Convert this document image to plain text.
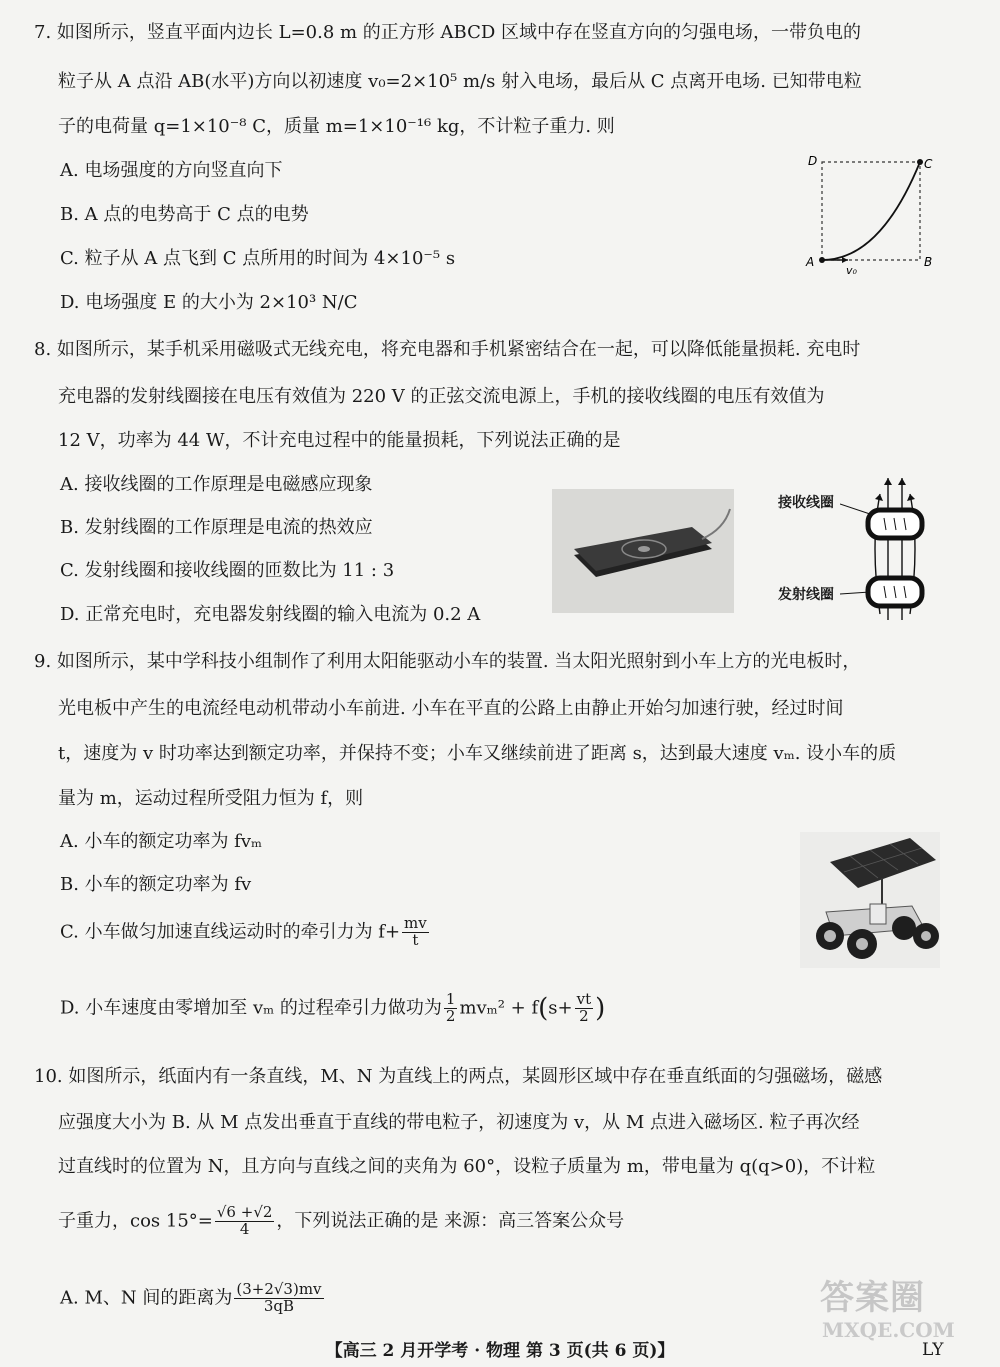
7. 如图所示，竖直平面内边长 L=0.8 m 的正方形 ABCD 区域中存在竖直方向的匀强电场，一带负电的
粒子从 A 点沿 AB(水平)方向以初速度 v₀=2×10⁵ m/s 射入电场，最后从 C 点离开电场. 已知带电粒
子的电荷量 q=1×10⁻⁸ C，质量 m=1×10⁻¹⁶ kg，不计粒子重力. 则
A. 电场强度的方向竖直向下
B. A 点的电势高于 C 点的电势
C. 粒子从 A 点飞到 C 点所用的时间为 4×10⁻⁵ s
D. 电场强度 E 的大小为 2×10³ N/C
D	C
A	B
v₀
8. 如图所示，某手机采用磁吸式无线充电，将充电器和手机紧密结合在一起，可以降低能量损耗. 充电时
充电器的发射线圈接在电压有效值为 220 V 的正弦交流电源上，手机的接收线圈的电压有效值为
12 V，功率为 44 W，不计充电过程中的能量损耗，下列说法正确的是
A. 接收线圈的工作原理是电磁感应现象
B. 发射线圈的工作原理是电流的热效应
C. 发射线圈和接收线圈的匝数比为 11 : 3
D. 正常充电时，充电器发射线圈的输入电流为 0.2 A
接收线圈
发射线圈
9. 如图所示，某中学科技小组制作了利用太阳能驱动小车的装置. 当太阳光照射到小车上方的光电板时，
光电板中产生的电流经电动机带动小车前进. 小车在平直的公路上由静止开始匀加速行驶，经过时间
t，速度为 v 时功率达到额定功率，并保持不变；小车又继续前进了距离 s，达到最大速度 vₘ. 设小车的质
量为 m，运动过程所受阻力恒为 f，则
A. 小车的额定功率为 fvₘ
B. 小车的额定功率为 fv
C. 小车做匀加速直线运动时的牵引力为 $f+ \frac{mv}{t}$
D. 小车速度由零增加至 vₘ 的过程牵引力做功为 $\frac{1}{2} mv_m^2 + f(s+ \frac{vt}{2}$ )
10. 如图所示，纸面内有一条直线，M、N 为直线上的两点，某圆形区域中存在垂直纸面的匀强磁场，磁感
应强度大小为 B. 从 M 点发出垂直于直线的带电粒子，初速度为 v，从 M 点进入磁场区. 粒子再次经
过直线时的位置为 N，且方向与直线之间的夹角为 60°，设粒子质量为 m，带电量为 q(q>0)，不计粒
子重力，$\cos 15^\circ= \frac{√6 +√2}{4}$ ，下列说法正确的是 来源：高三答案公众号
A. M、N 间的距离为 $\frac{(3+2√3)mv}{3qB}$	答案圈
MXQE.COM
【高三 2 月开学考 · 物理 第 3 页(共 6 页)】	LY
